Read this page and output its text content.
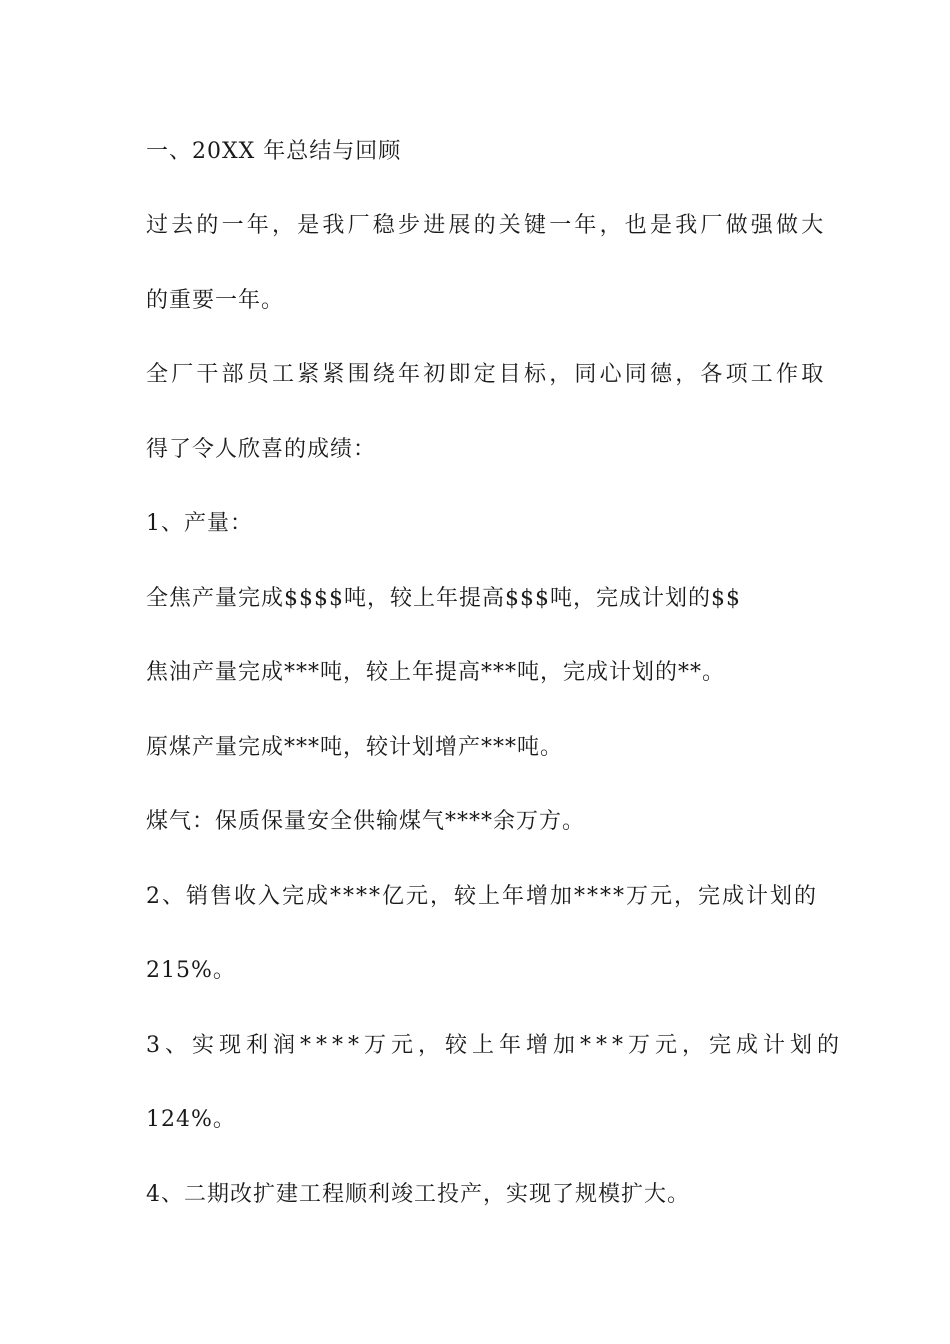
一、20XX 年总结与回顾

过去的一年，是我厂稳步进展的关键一年，也是我厂做强做大

的重要一年。

全厂干部员工紧紧围绕年初即定目标，同心同德，各项工作取

得了令人欣喜的成绩：

1、产量：

全焦产量完成$$$$吨，较上年提高$$$吨，完成计划的$$

焦油产量完成***吨，较上年提高***吨，完成计划的**。

原煤产量完成***吨，较计划增产***吨。

煤气：保质保量安全供输煤气****余万方。

2、销售收入完成****亿元，较上年增加****万元，完成计划的

215%。

3、实现利润****万元，较上年增加***万元，完成计划的

124%。

4、二期改扩建工程顺利竣工投产，实现了规模扩大。
